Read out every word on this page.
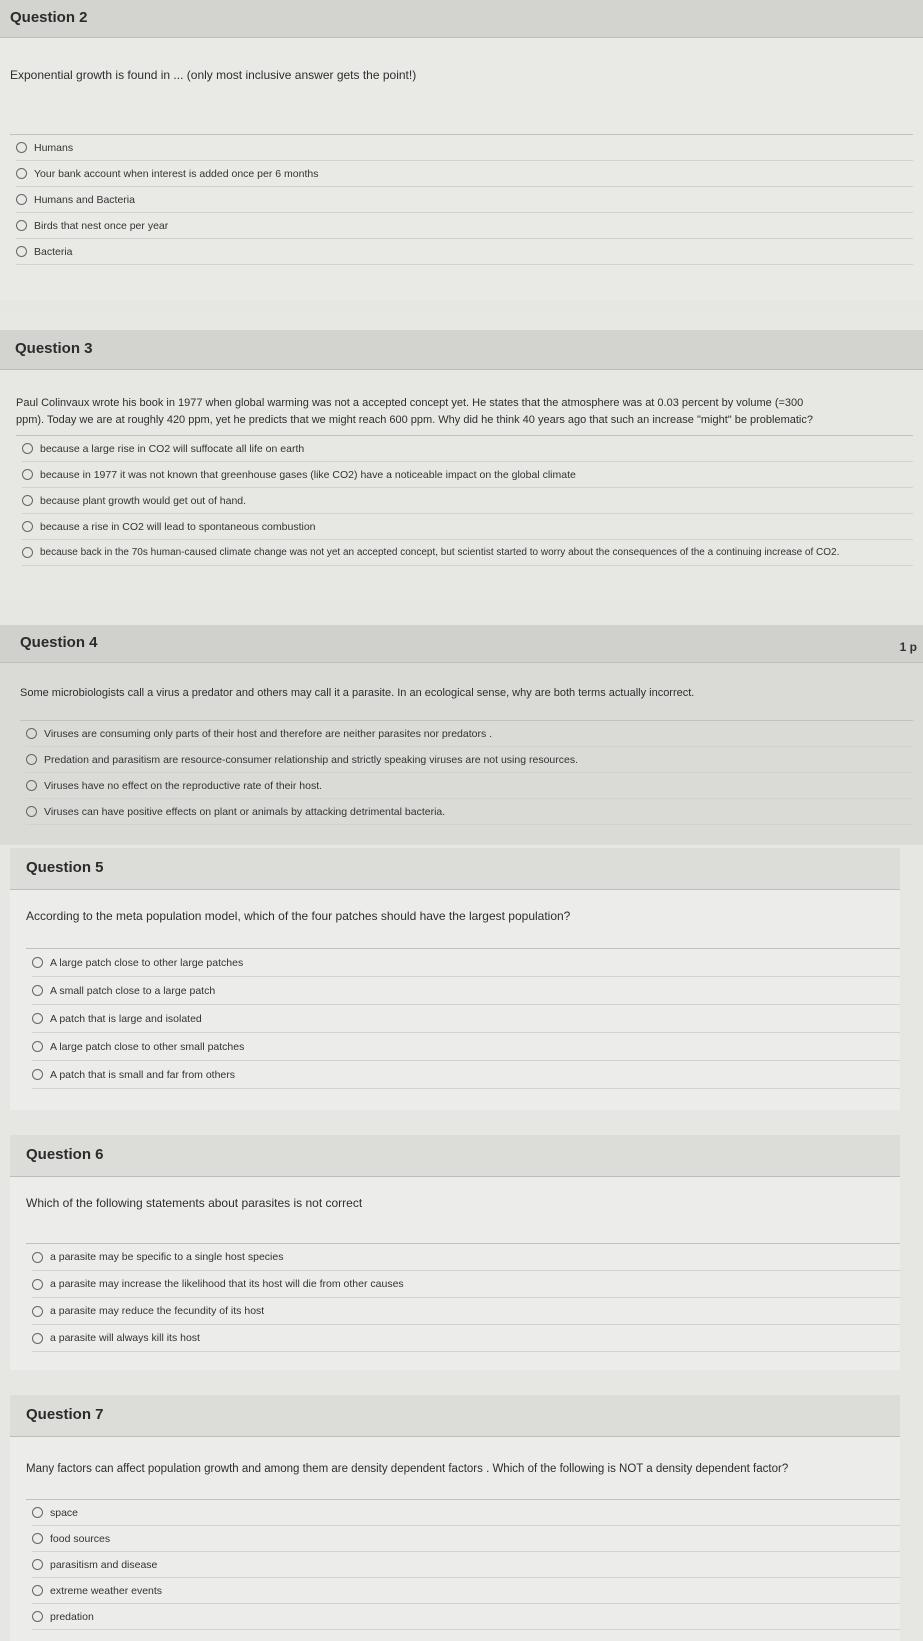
Question 2
Exponential growth is found in ... (only most inclusive answer gets the point!)
Humans
Your bank account when interest is added once per 6 months
Humans and Bacteria
Birds that nest once per year
Bacteria
Question 3
Paul Colinvaux wrote his book in 1977 when global warming was not a accepted concept yet. He states that the atmosphere was at 0.03 percent by volume (=300
ppm). Today we are at roughly 420 ppm, yet he predicts that we might reach 600 ppm. Why did he think 40 years ago that such an increase "might" be problematic?
because a large rise in CO2 will suffocate all life on earth
because in 1977 it was not known that greenhouse gases (like CO2) have a noticeable impact on the global climate
because plant growth would get out of hand.
because a rise in CO2 will lead to spontaneous combustion
because back in the 70s human-caused climate change was not yet an accepted concept, but scientist started to worry about the consequences of the a continuing increase of CO2.
Question 4	1 p
Some microbiologists call a virus a predator and others may call it a parasite. In an ecological sense, why are both terms actually incorrect.
Viruses are consuming only parts of their host and therefore are neither parasites nor predators .
Predation and parasitism are resource-consumer relationship and strictly speaking viruses are not using resources.
Viruses have no effect on the reproductive rate of their host.
Viruses can have positive effects on plant or animals by attacking detrimental bacteria.
Question 5
According to the meta population model, which of the four patches should have the largest population?
A large patch close to other large patches
A small patch close to a large patch
A patch that is large and isolated
A large patch close to other small patches
A patch that is small and far from others
Question 6
Which of the following statements about parasites is not correct
a parasite may be specific to a single host species
a parasite may increase the likelihood that its host will die from other causes
a parasite may reduce the fecundity of its host
a parasite will always kill its host
Question 7
Many factors can affect population growth and among them are density dependent factors . Which of the following is NOT a density dependent factor?
space
food sources
parasitism and disease
extreme weather events
predation
